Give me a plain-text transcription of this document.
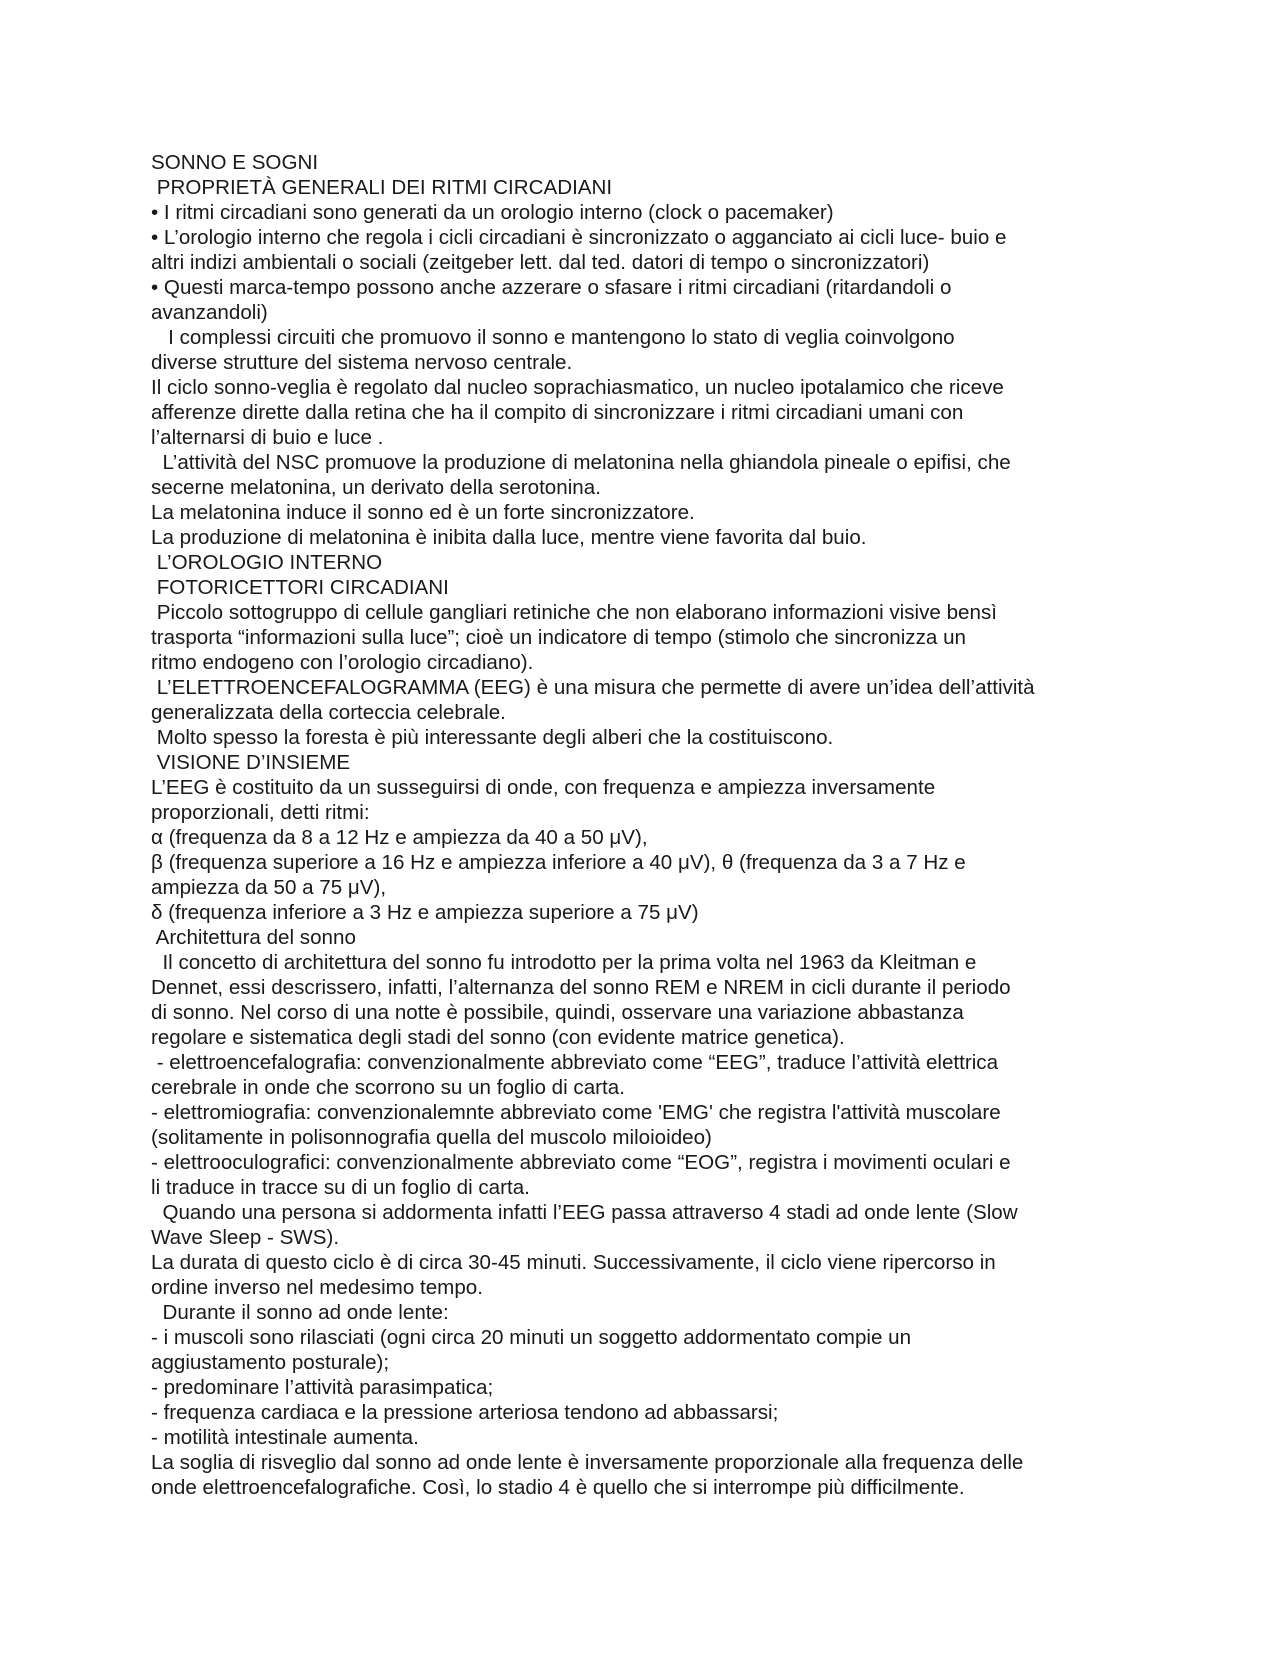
SONNO E SOGNI
PROPRIETÀ GENERALI DEI RITMI CIRCADIANI
• I ritmi circadiani sono generati da un orologio interno (clock o pacemaker)
• L’orologio interno che regola i cicli circadiani è sincronizzato o agganciato ai cicli luce- buio e
altri indizi ambientali o sociali (zeitgeber lett. dal ted. datori di tempo o sincronizzatori)
• Questi marca-tempo possono anche azzerare o sfasare i ritmi circadiani (ritardandoli o
avanzandoli)
I complessi circuiti che promuovo il sonno e mantengono lo stato di veglia coinvolgono
diverse strutture del sistema nervoso centrale.
Il ciclo sonno-veglia è regolato dal nucleo soprachiasmatico, un nucleo ipotalamico che riceve
afferenze dirette dalla retina che ha il compito di sincronizzare i ritmi circadiani umani con
l’alternarsi di buio e luce .
L’attività del NSC promuove la produzione di melatonina nella ghiandola pineale o epifisi, che
secerne melatonina, un derivato della serotonina.
La melatonina induce il sonno ed è un forte sincronizzatore.
La produzione di melatonina è inibita dalla luce, mentre viene favorita dal buio.
L’OROLOGIO INTERNO
FOTORICETTORI CIRCADIANI
Piccolo sottogruppo di cellule gangliari retiniche che non elaborano informazioni visive bensì
trasporta “informazioni sulla luce”; cioè un indicatore di tempo (stimolo che sincronizza un
ritmo endogeno con l’orologio circadiano).
L’ELETTROENCEFALOGRAMMA (EEG) è una misura che permette di avere un’idea dell’attività
generalizzata della corteccia celebrale.
Molto spesso la foresta è più interessante degli alberi che la costituiscono.
VISIONE D’INSIEME
L’EEG è costituito da un susseguirsi di onde, con frequenza e ampiezza inversamente
proporzionali, detti ritmi:
α (frequenza da 8 a 12 Hz e ampiezza da 40 a 50 μV),
β (frequenza superiore a 16 Hz e ampiezza inferiore a 40 μV), θ (frequenza da 3 a 7 Hz e
ampiezza da 50 a 75 μV),
δ (frequenza inferiore a 3 Hz e ampiezza superiore a 75 μV)
Architettura del sonno
Il concetto di architettura del sonno fu introdotto per la prima volta nel 1963 da Kleitman e
Dennet, essi descrissero, infatti, l’alternanza del sonno REM e NREM in cicli durante il periodo
di sonno. Nel corso di una notte è possibile, quindi, osservare una variazione abbastanza
regolare e sistematica degli stadi del sonno (con evidente matrice genetica).
- elettroencefalografia: convenzionalmente abbreviato come “EEG”, traduce l’attività elettrica
cerebrale in onde che scorrono su un foglio di carta.
- elettromiografia: convenzionalemnte abbreviato come 'EMG' che registra l'attività muscolare
(solitamente in polisonnografia quella del muscolo miloioideo)
- elettrooculografici: convenzionalmente abbreviato come “EOG”, registra i movimenti oculari e
li traduce in tracce su di un foglio di carta.
Quando una persona si addormenta infatti l’EEG passa attraverso 4 stadi ad onde lente (Slow
Wave Sleep - SWS).
La durata di questo ciclo è di circa 30-45 minuti. Successivamente, il ciclo viene ripercorso in
ordine inverso nel medesimo tempo.
Durante il sonno ad onde lente:
- i muscoli sono rilasciati (ogni circa 20 minuti un soggetto addormentato compie un
aggiustamento posturale);
- predominare l’attività parasimpatica;
- frequenza cardiaca e la pressione arteriosa tendono ad abbassarsi;
- motilità intestinale aumenta.
La soglia di risveglio dal sonno ad onde lente è inversamente proporzionale alla frequenza delle
onde elettroencefalografiche. Così, lo stadio 4 è quello che si interrompe più difficilmente.
